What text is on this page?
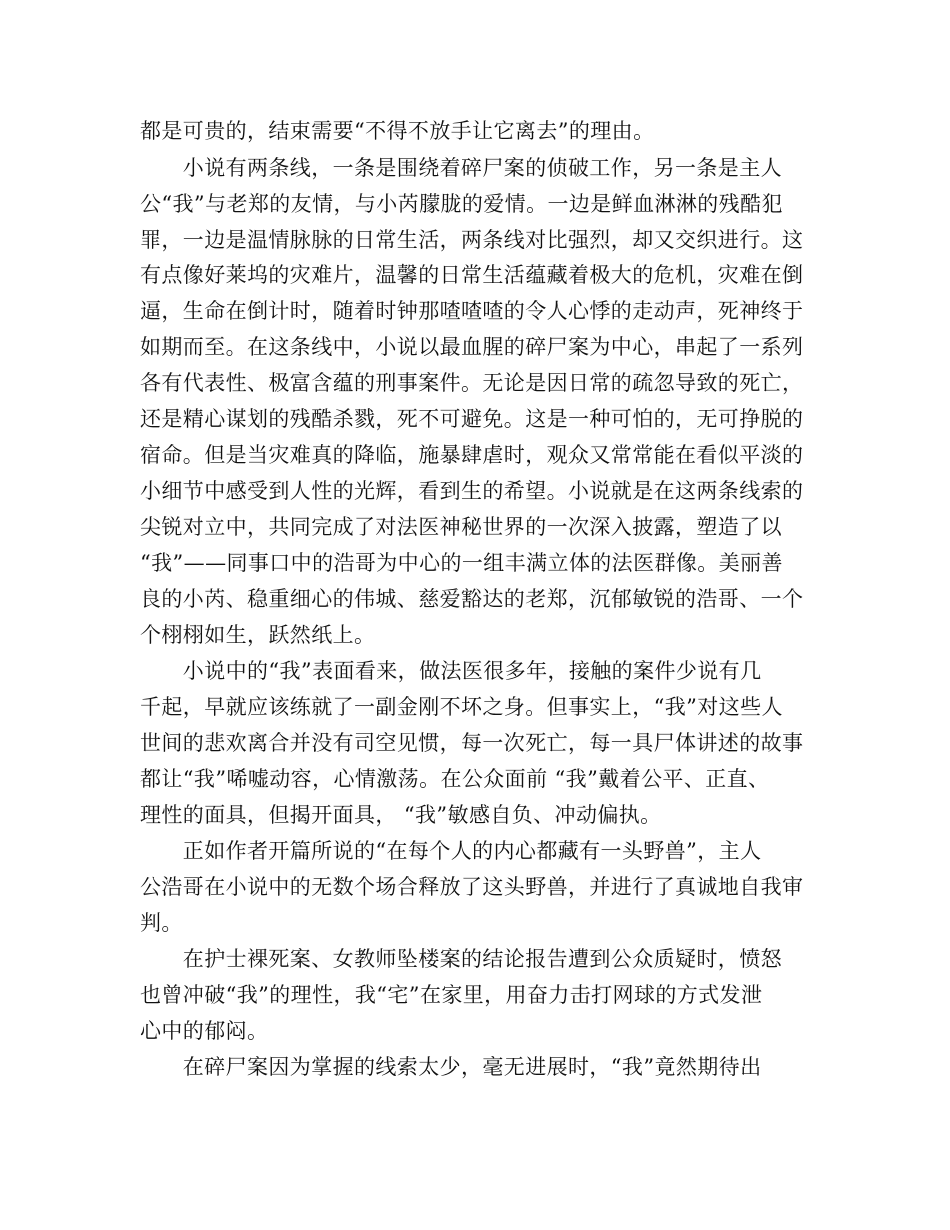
都是可贵的，结束需要“不得不放手让它离去”的理由。
　　小说有两条线，一条是围绕着碎尸案的侦破工作，另一条是主人
公“我”与老郑的友情，与小芮朦胧的爱情。一边是鲜血淋淋的残酷犯
罪，一边是温情脉脉的日常生活，两条线对比强烈，却又交织进行。这
有点像好莱坞的灾难片，温馨的日常生活蕴藏着极大的危机，灾难在倒
逼，生命在倒计时，随着时钟那喳喳喳的令人心悸的走动声，死神终于
如期而至。在这条线中，小说以最血腥的碎尸案为中心，串起了一系列
各有代表性、极富含蕴的刑事案件。无论是因日常的疏忽导致的死亡，
还是精心谋划的残酷杀戮，死不可避免。这是一种可怕的，无可挣脱的
宿命。但是当灾难真的降临，施暴肆虐时，观众又常常能在看似平淡的
小细节中感受到人性的光辉，看到生的希望。小说就是在这两条线索的
尖锐对立中，共同完成了对法医神秘世界的一次深入披露，塑造了以
“我”——同事口中的浩哥为中心的一组丰满立体的法医群像。美丽善
良的小芮、稳重细心的伟城、慈爱豁达的老郑，沉郁敏锐的浩哥、一个
个栩栩如生，跃然纸上。
　　小说中的“我”表面看来，做法医很多年，接触的案件少说有几
千起，早就应该练就了一副金刚不坏之身。但事实上，“我”对这些人
世间的悲欢离合并没有司空见惯，每一次死亡，每一具尸体讲述的故事
都让“我”唏嘘动容，心情激荡。在公众面前 “我”戴着公平、正直、
理性的面具，但揭开面具， “我”敏感自负、冲动偏执。
　　正如作者开篇所说的“在每个人的内心都藏有一头野兽”，主人
公浩哥在小说中的无数个场合释放了这头野兽，并进行了真诚地自我审
判。
　　在护士裸死案、女教师坠楼案的结论报告遭到公众质疑时，愤怒
也曾冲破“我”的理性，我“宅”在家里，用奋力击打网球的方式发泄
心中的郁闷。
　　在碎尸案因为掌握的线索太少，毫无进展时，“我”竟然期待出
